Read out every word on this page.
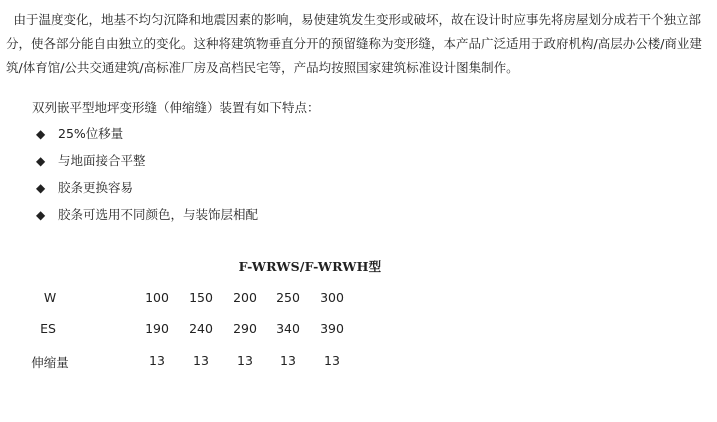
由于温度变化，地基不均匀沉降和地震因素的影响，易使建筑发生变形或破坏，故在设计时应事先将房屋划分成若干个独立部分，使各部分能自由独立的变化。这种将建筑物垂直分开的预留缝称为变形缝，本产品广泛适用于政府机构/高层办公楼/商业建筑/体育馆/公共交通建筑/高标准厂房及高档民宅等，产品均按照国家建筑标准设计图集制作。
双列嵌平型地坪变形缝（伸缩缝）装置有如下特点：
◆ 25%位移量
◆ 与地面接合平整
◆ 胶条更换容易
◆ 胶条可选用不同颜色，与装饰层相配
F-WRWS/F-WRWH型
W	100	150	200	250	300
ES	190	240	290	340	390
伸缩量	13	13	13	13	13
